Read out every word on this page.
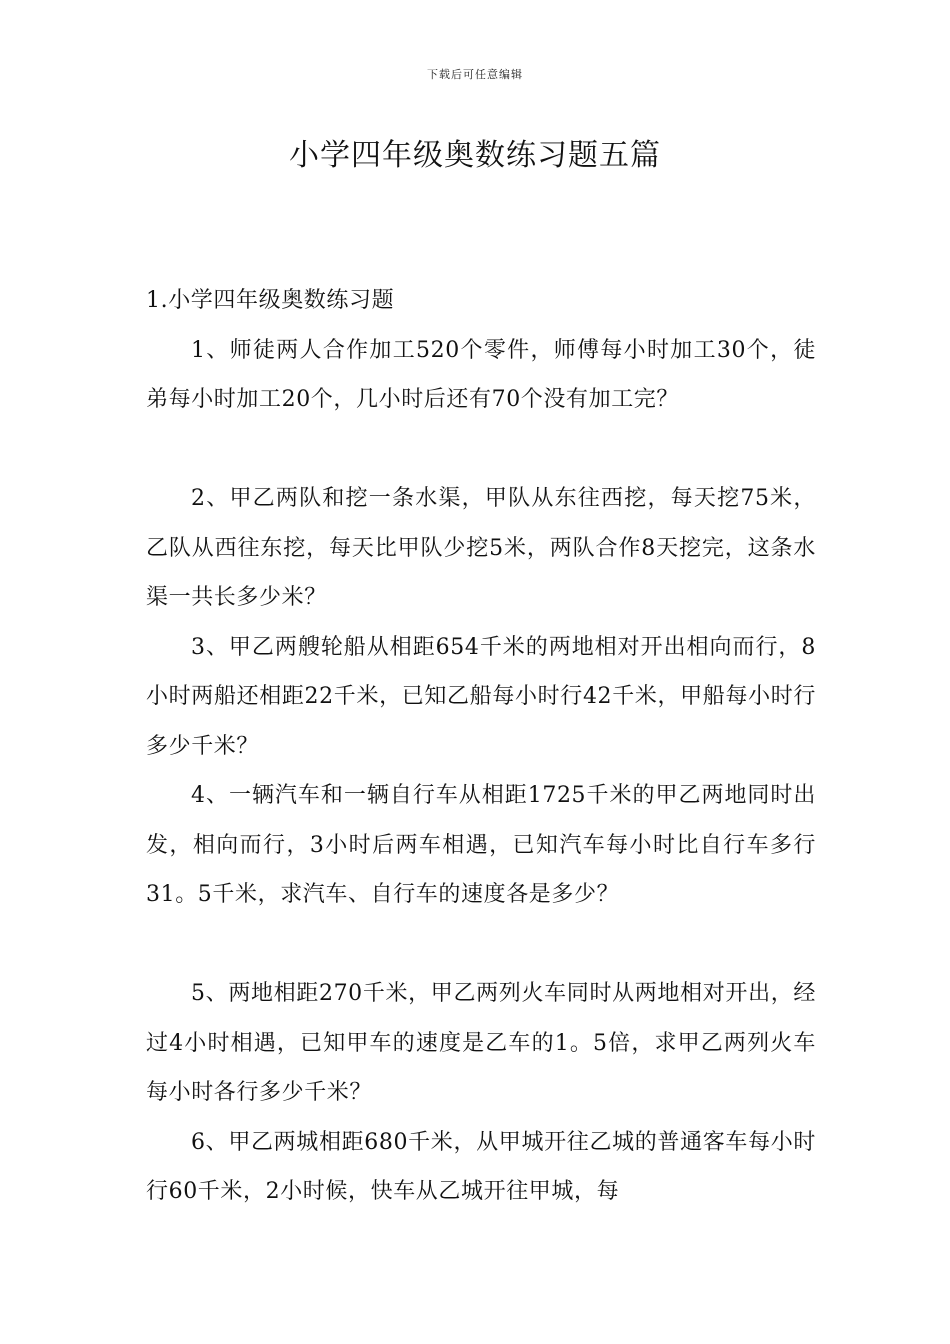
下载后可任意编辑
小学四年级奥数练习题五篇

1.小学四年级奥数练习题

1、师徒两人合作加工520个零件，师傅每小时加工30个，徒弟每小时加工20个，几小时后还有70个没有加工完？

2、甲乙两队和挖一条水渠，甲队从东往西挖，每天挖75米，乙队从西往东挖，每天比甲队少挖5米，两队合作8天挖完，这条水渠一共长多少米？

3、甲乙两艘轮船从相距654千米的两地相对开出相向而行，8小时两船还相距22千米，已知乙船每小时行42千米，甲船每小时行多少千米？

4、一辆汽车和一辆自行车从相距1725千米的甲乙两地同时出发，相向而行，3小时后两车相遇，已知汽车每小时比自行车多行31。5千米，求汽车、自行车的速度各是多少？

5、两地相距270千米，甲乙两列火车同时从两地相对开出，经过4小时相遇，已知甲车的速度是乙车的1。5倍，求甲乙两列火车每小时各行多少千米？

6、甲乙两城相距680千米，从甲城开往乙城的普通客车每小时行60千米，2小时候，快车从乙城开往甲城，每
